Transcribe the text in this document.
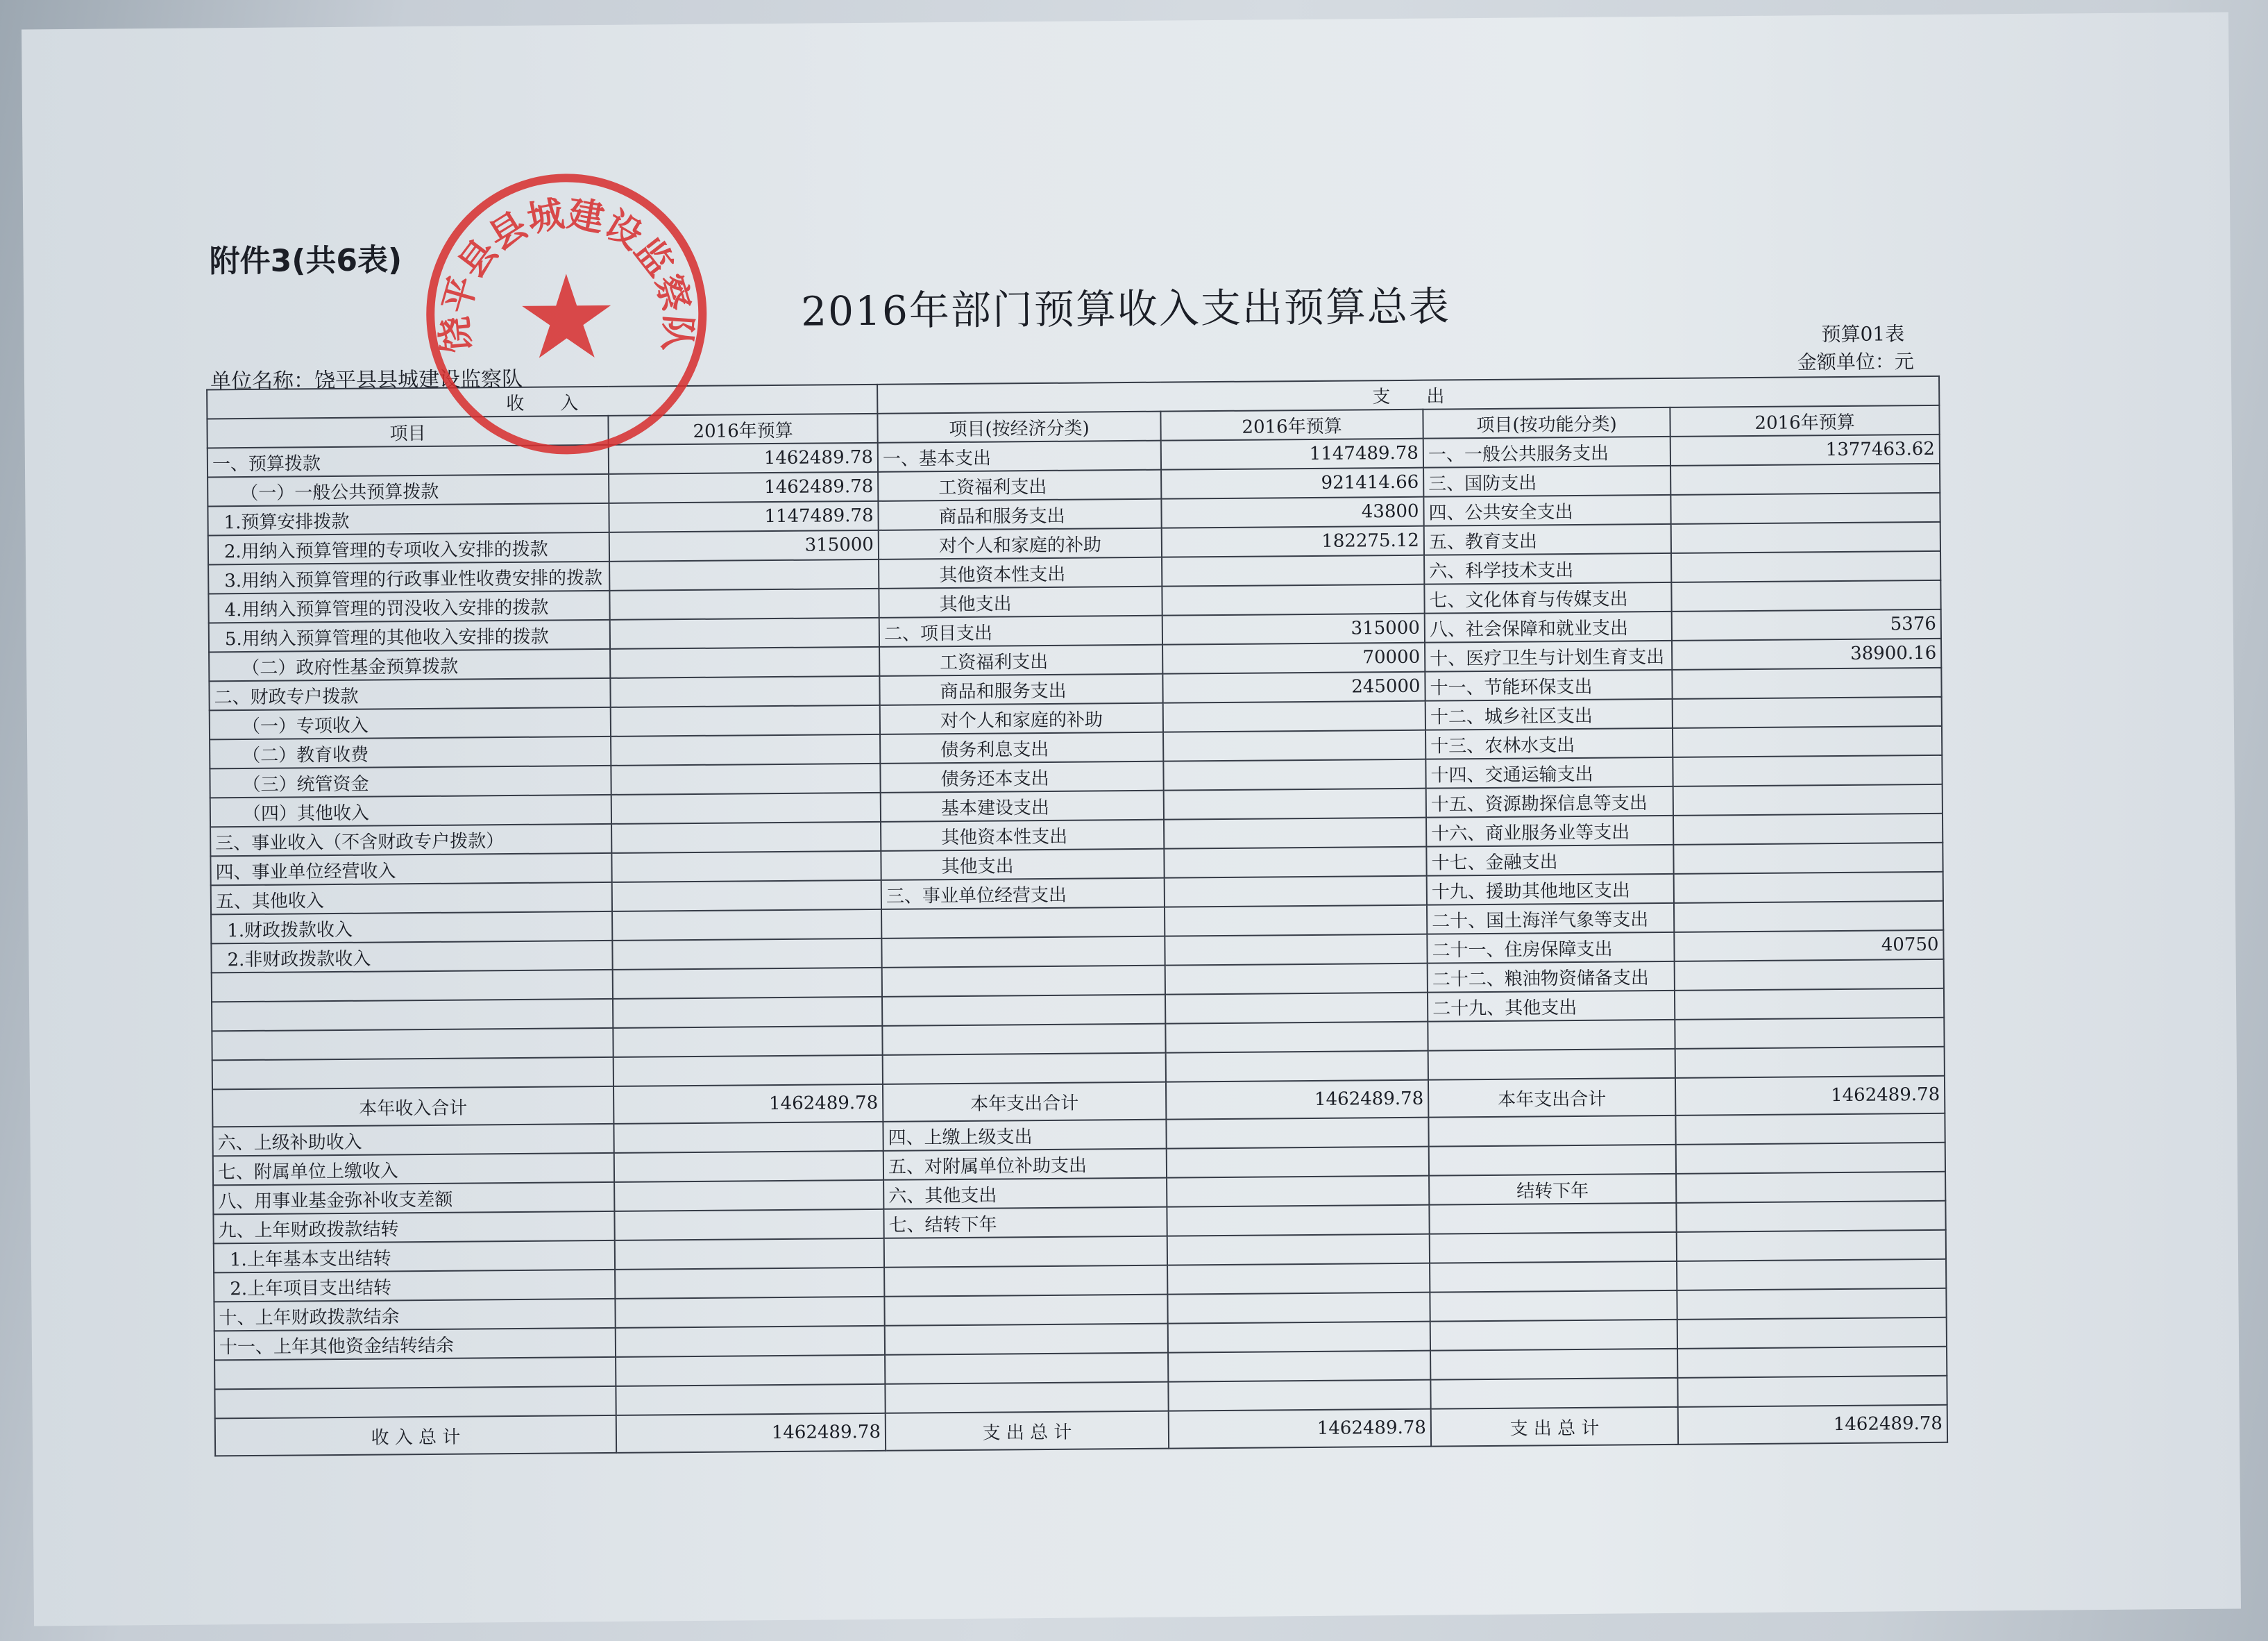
附件3(共6表)
2016年部门预算收入支出预算总表	预算01表
金额单位：元
单位名称：饶平县县城建设监察队
收　　入		支　　出			
项目	2016年预算	项目(按经济分类)	2016年预算	项目(按功能分类)	2016年预算
一、预算拨款	1462489.78	一、基本支出	1147489.78	一、一般公共服务支出	1377463.62
（一）一般公共预算拨款	1462489.78	工资福利支出	921414.66	三、国防支出	
1.预算安排拨款	1147489.78	商品和服务支出	43800	四、公共安全支出	
2.用纳入预算管理的专项收入安排的拨款	315000	对个人和家庭的补助	182275.12	五、教育支出	
3.用纳入预算管理的行政事业性收费安排的拨款		其他资本性支出		六、科学技术支出	
4.用纳入预算管理的罚没收入安排的拨款		其他支出		七、文化体育与传媒支出	
5.用纳入预算管理的其他收入安排的拨款		二、项目支出	315000	八、社会保障和就业支出	5376
（二）政府性基金预算拨款		工资福利支出	70000	十、医疗卫生与计划生育支出	38900.16
二、财政专户拨款		商品和服务支出	245000	十一、节能环保支出	
（一）专项收入		对个人和家庭的补助		十二、城乡社区支出	
（二）教育收费		债务利息支出		十三、农林水支出	
（三）统管资金		债务还本支出		十四、交通运输支出	
（四）其他收入		基本建设支出		十五、资源勘探信息等支出	
三、事业收入（不含财政专户拨款）		其他资本性支出		十六、商业服务业等支出	
四、事业单位经营收入		其他支出		十七、金融支出	
五、其他收入		三、事业单位经营支出		十九、援助其他地区支出	
1.财政拨款收入				二十、国土海洋气象等支出	
2.非财政拨款收入				二十一、住房保障支出	40750
				二十二、粮油物资储备支出	
				二十九、其他支出	

本年收入合计	1462489.78	本年支出合计	1462489.78	本年支出合计	1462489.78
六、上级补助收入		四、上缴上级支出			
七、附属单位上缴收入		五、对附属单位补助支出			
八、用事业基金弥补收支差额		六、其他支出		结转下年	
九、上年财政拨款结转		七、结转下年			
1.上年基本支出结转					
2.上年项目支出结转					
十、上年财政拨款结余					
十一、上年其他资金结转结余					

收 入 总 计	1462489.78	支 出 总 计	1462489.78	支 出 总 计	1462489.78
饶平县县城建设监察队
